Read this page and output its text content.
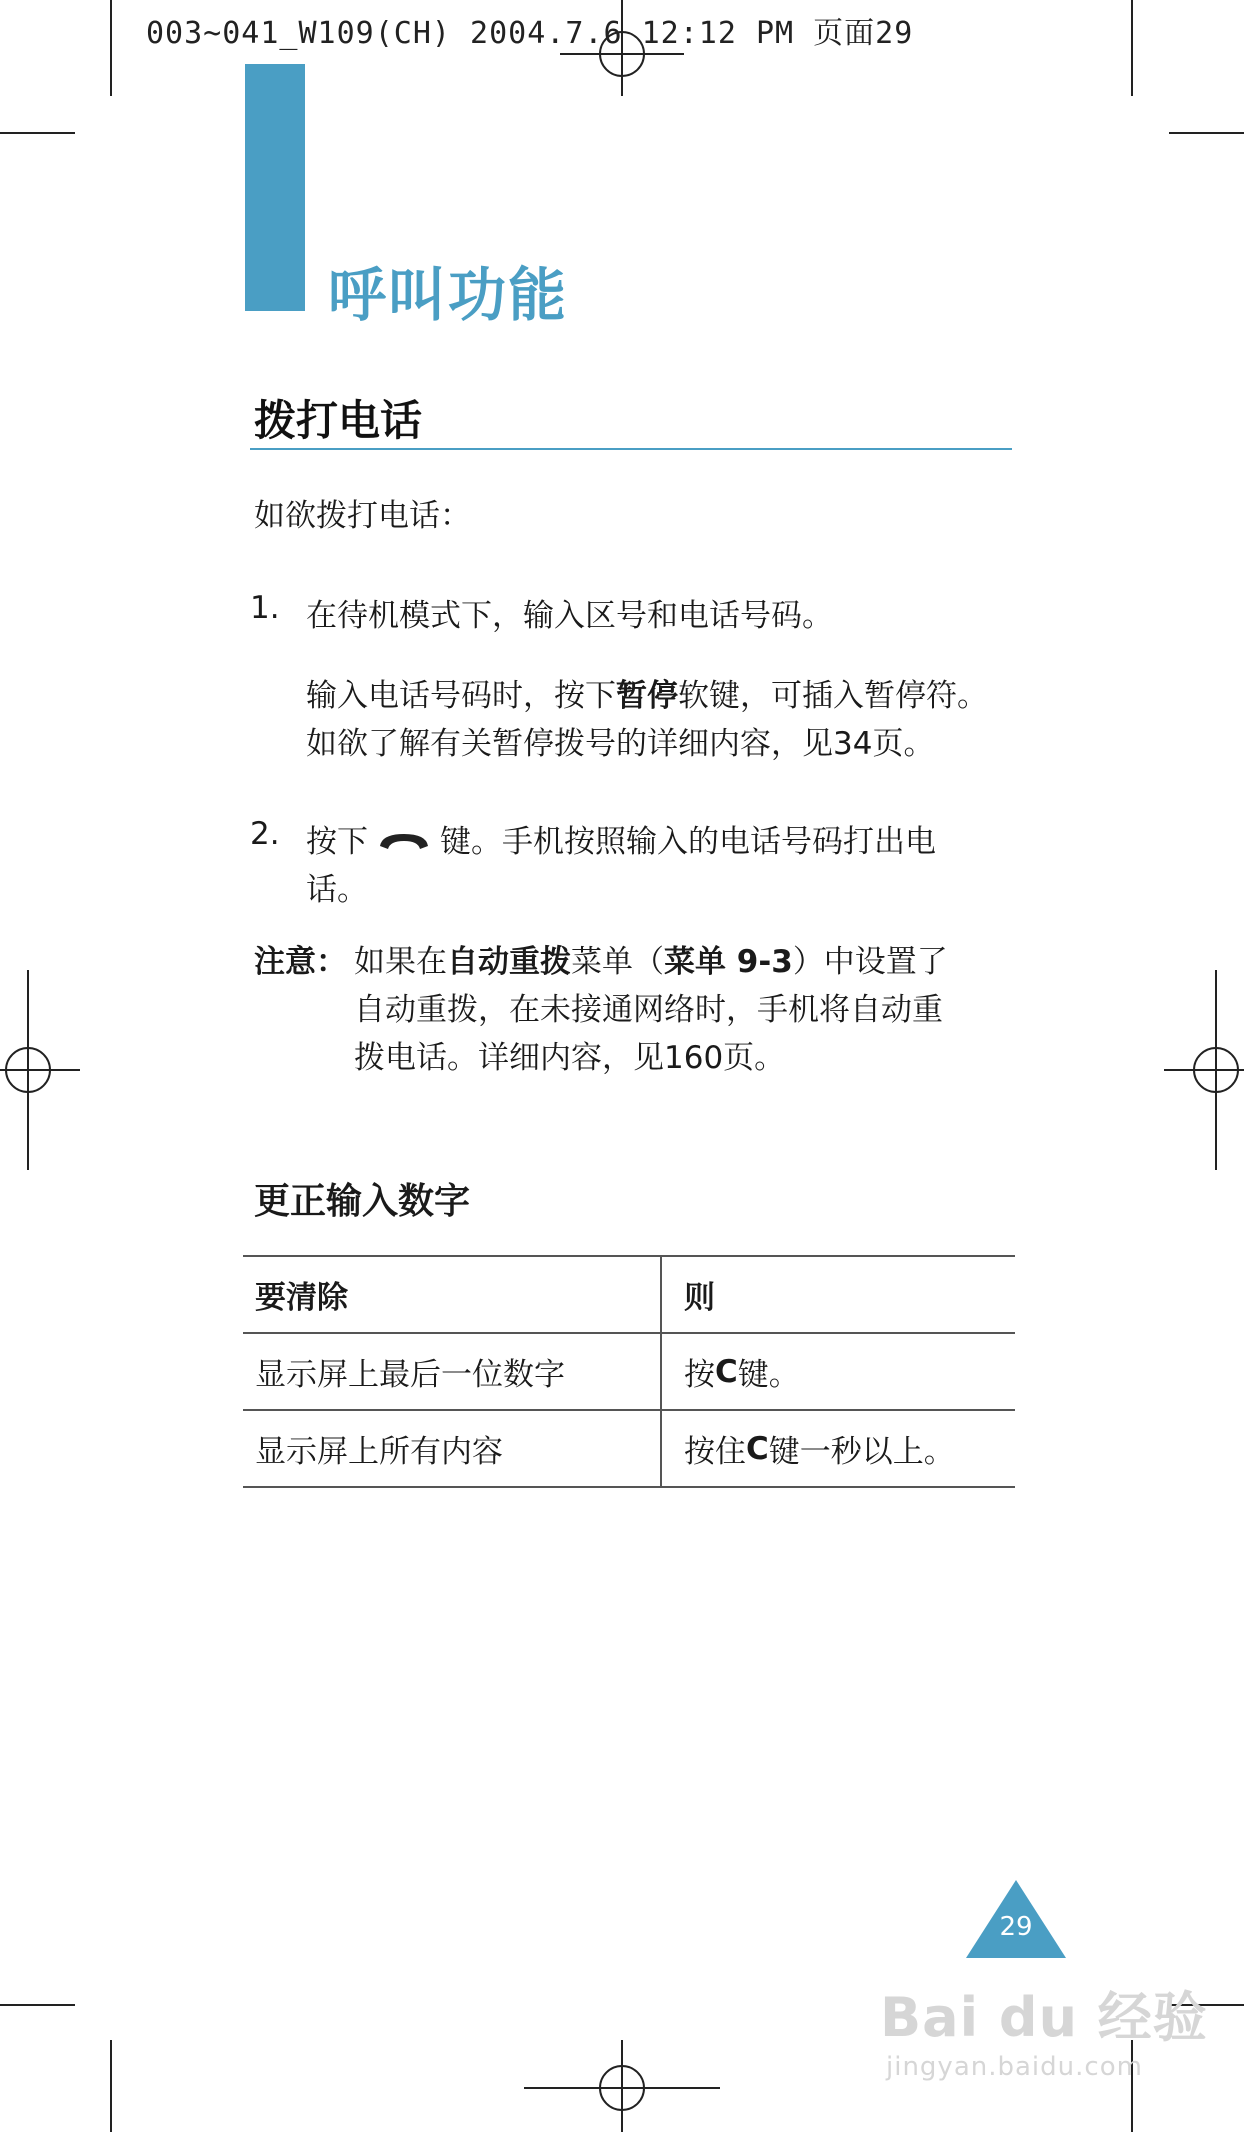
003~041_W109(CH) 2004.7.6 12:12 PM 页面29
呼叫功能
拨打电话
如欲拨打电话：
1. 在待机模式下，输入区号和电话号码。
输入电话号码时，按下暂停软键，可插入暂停符。
如欲了解有关暂停拨号的详细内容，见34页。
2. 按下 键。手机按照输入的电话号码打出电
话。
注意： 如果在自动重拨菜单（菜单 9-3）中设置了
自动重拨，在未接通网络时，手机将自动重
拨电话。详细内容，见160页。
更正输入数字
要清除	则
显示屏上最后一位数字	按 C 键。
显示屏上所有内容	按住 C 键一秒以上。
29
Bai du 经验
jingyan.baidu.com
